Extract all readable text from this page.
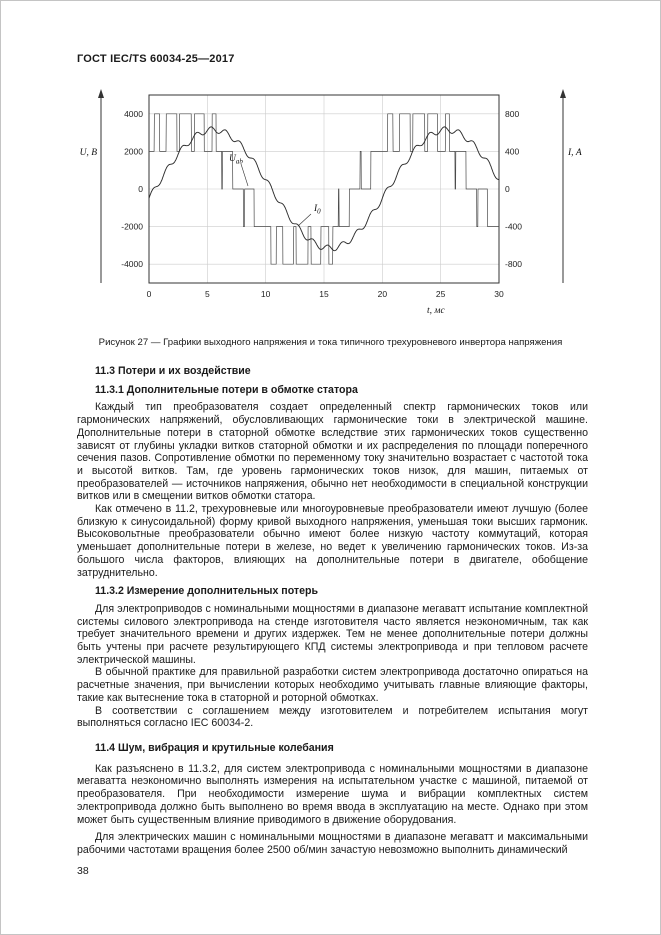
ГОСТ IEC/TS 60034-25—2017
4000
2000
0
-2000
-4000
800
400
0
-400
-800
0	5	10	15	20	25	30
U, В	I, А
t, мс
$U_{ab}$
$I_0$
Рисунок 27 — Графики выходного напряжения и тока типичного трехуровневого инвертора напряжения
11.3 Потери и их воздействие
11.3.1 Дополнительные потери в обмотке статора

Каждый тип преобразователя создает определенный спектр гармонических токов или гармонических напряжений, обусловливающих гармонические токи в электрической машине. Дополнительные потери в статорной обмотке вследствие этих гармонических токов существенно зависят от глубины укладки витков статорной обмотки и их распределения по площади поперечного сечения пазов. Сопротивление обмотки по переменному току значительно возрастает с частотой тока и высотой витков. Там, где уровень гармонических токов низок, для машин, питаемых от преобразователей — источников напряжения, обычно нет необходимости в специальной конструкции витков или в смещении витков обмотки статора.

Как отмечено в 11.2, трехуровневые или многоуровневые преобразователи имеют лучшую (более близкую к синусоидальной) форму кривой выходного напряжения, уменьшая токи высших гармоник. Высоковольтные преобразователи обычно имеют более низкую частоту коммутаций, которая уменьшает дополнительные потери в железе, но ведет к увеличению гармонических токов. Из-за большого числа факторов, влияющих на дополнительные потери в двигателе, обобщение затруднительно.

11.3.2 Измерение дополнительных потерь

Для электроприводов с номинальными мощностями в диапазоне мегаватт испытание комплектной системы силового электропривода на стенде изготовителя часто является неэкономичным, так как требует значительного времени и других издержек. Тем не менее дополнительные потери должны быть учтены при расчете результирующего КПД системы электропривода и при тепловом расчете электрической машины.

В обычной практике для правильной разработки систем электропривода достаточно опираться на расчетные значения, при вычислении которых необходимо учитывать главные влияющие факторы, такие как вытеснение тока в статорной и роторной обмотках.

В соответствии с соглашением между изготовителем и потребителем испытания могут выполняться согласно IEC 60034-2.

11.4 Шум, вибрация и крутильные колебания

Как разъяснено в 11.3.2, для систем электропривода с номинальными мощностями в диапазоне мегаватта неэкономично выполнять измерения на испытательном участке с машиной, питаемой от преобразователя. При необходимости измерение шума и вибрации комплектных систем электропривода должно быть выполнено во время ввода в эксплуатацию на месте. Однако при этом может быть существенным влияние приводимого в движение оборудования.

Для электрических машин с номинальными мощностями в диапазоне мегаватт и максимальными рабочими частотами вращения более 2500 об/мин зачастую невозможно выполнить динамический

38
